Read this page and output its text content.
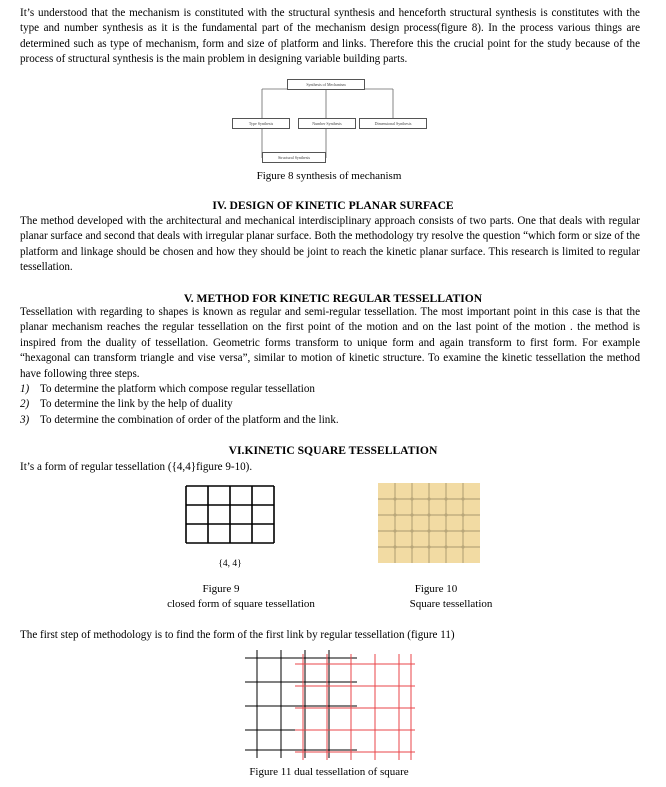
It’s understood that the mechanism is constituted with the structural synthesis and henceforth structural synthesis is constitutes with the type and number synthesis as it is the fundamental part of the mechanism design process(figure 8). In the process various things are determined such as type of mechanism, form and size of platform and links. Therefore this the crucial point for the study because of the process of structural synthesis is the main problem in designing variable building parts.

Synthesis of Mechanism
Type Synthesis	Number Synthesis	Dimensional Synthesis
Structural Synthesis

Figure 8 synthesis of mechanism

IV. DESIGN OF KINETIC PLANAR SURFACE

The method developed with the architectural and mechanical interdisciplinary approach consists of two parts. One that deals with regular planar surface and second that deals with irregular planar surface. Both the methodology try resolve the question “which form or size of the platform and linkage should be chosen and how they should be joint to reach the kinetic planar surface. This research is limited to regular tessellation.

V. METHOD FOR KINETIC REGULAR TESSELLATION

Tessellation with regarding to shapes is known as regular and semi-regular tessellation. The most important point in this case is that the planar mechanism reaches the regular tessellation on the first point of the motion and on the last point of the motion . the method is inspired from the duality of tessellation. Geometric forms transform to unique form and again transform to first form. For example “hexagonal can transform triangle and vise versa”, similar to motion of kinetic structure. To examine the kinetic tessellation the method have following three steps.

1) To determine the platform which compose regular tessellation
2) To determine the link by the help of duality
3) To determine the combination of order of the platform and the link.

VI.KINETIC SQUARE TESSELLATION

It’s a form of regular tessellation ({4,4}figure 9-10).

{4, 4}

Figure 9

closed form of square tessellation

Figure 10

Square tessellation

The first step of methodology is to find the form of the first link by regular tessellation (figure 11)

Figure 11 dual tessellation of square
